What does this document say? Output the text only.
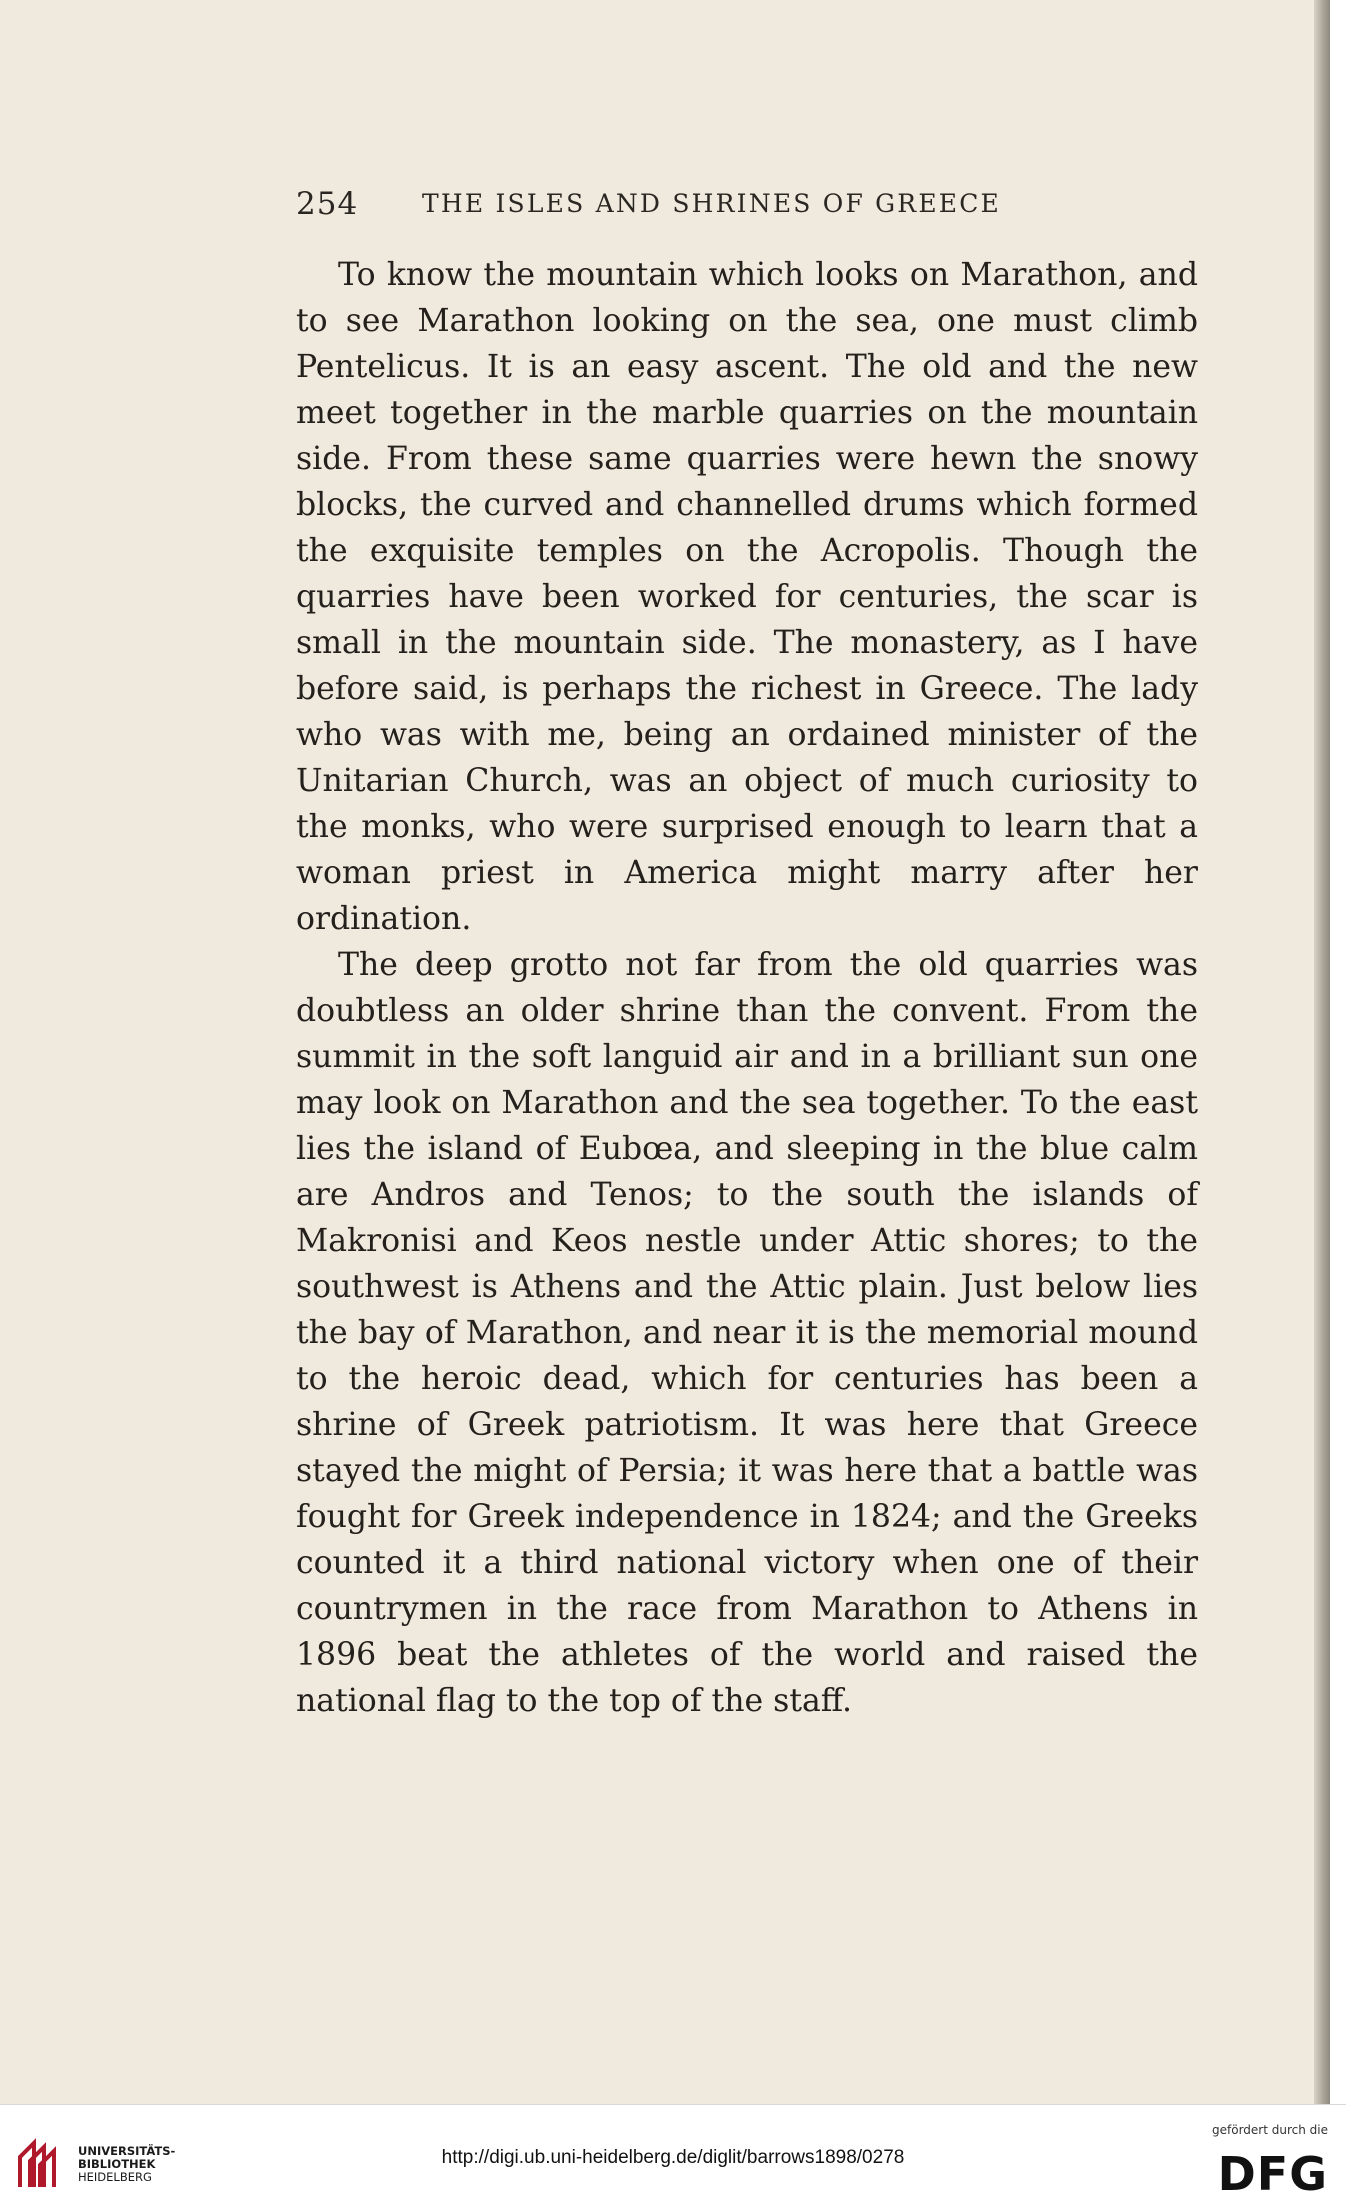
254	THE ISLES AND SHRINES OF GREECE

To know the mountain which looks on Marathon, and to see Marathon looking on the sea, one must climb Pentelicus. It is an easy ascent. The old and the new meet together in the marble quarries on the mountain side. From these same quarries were hewn the snowy blocks, the curved and channelled drums which formed the exquisite temples on the Acropolis. Though the quarries have been worked for centuries, the scar is small in the mountain side. The monastery, as I have before said, is perhaps the richest in Greece. The lady who was with me, being an ordained minister of the Unitarian Church, was an object of much curiosity to the monks, who were surprised enough to learn that a woman priest in America might marry after her ordination.

The deep grotto not far from the old quarries was doubtless an older shrine than the convent. From the summit in the soft languid air and in a brilliant sun one may look on Marathon and the sea together. To the east lies the island of Eubœa, and sleeping in the blue calm are Andros and Tenos; to the south the islands of Makronisi and Keos nestle under Attic shores; to the southwest is Athens and the Attic plain. Just below lies the bay of Marathon, and near it is the memorial mound to the heroic dead, which for centuries has been a shrine of Greek patriotism. It was here that Greece stayed the might of Persia; it was here that a battle was fought for Greek independence in 1824; and the Greeks counted it a third national victory when one of their countrymen in the race from Marathon to Athens in 1896 beat the athletes of the world and raised the national flag to the top of the staff.

UNIVERSITÄTS-
BIBLIOTHEK
HEIDELBERG
http://digi.ub.uni-heidelberg.de/diglit/barrows1898/0278
gefördert durch die
DFG
